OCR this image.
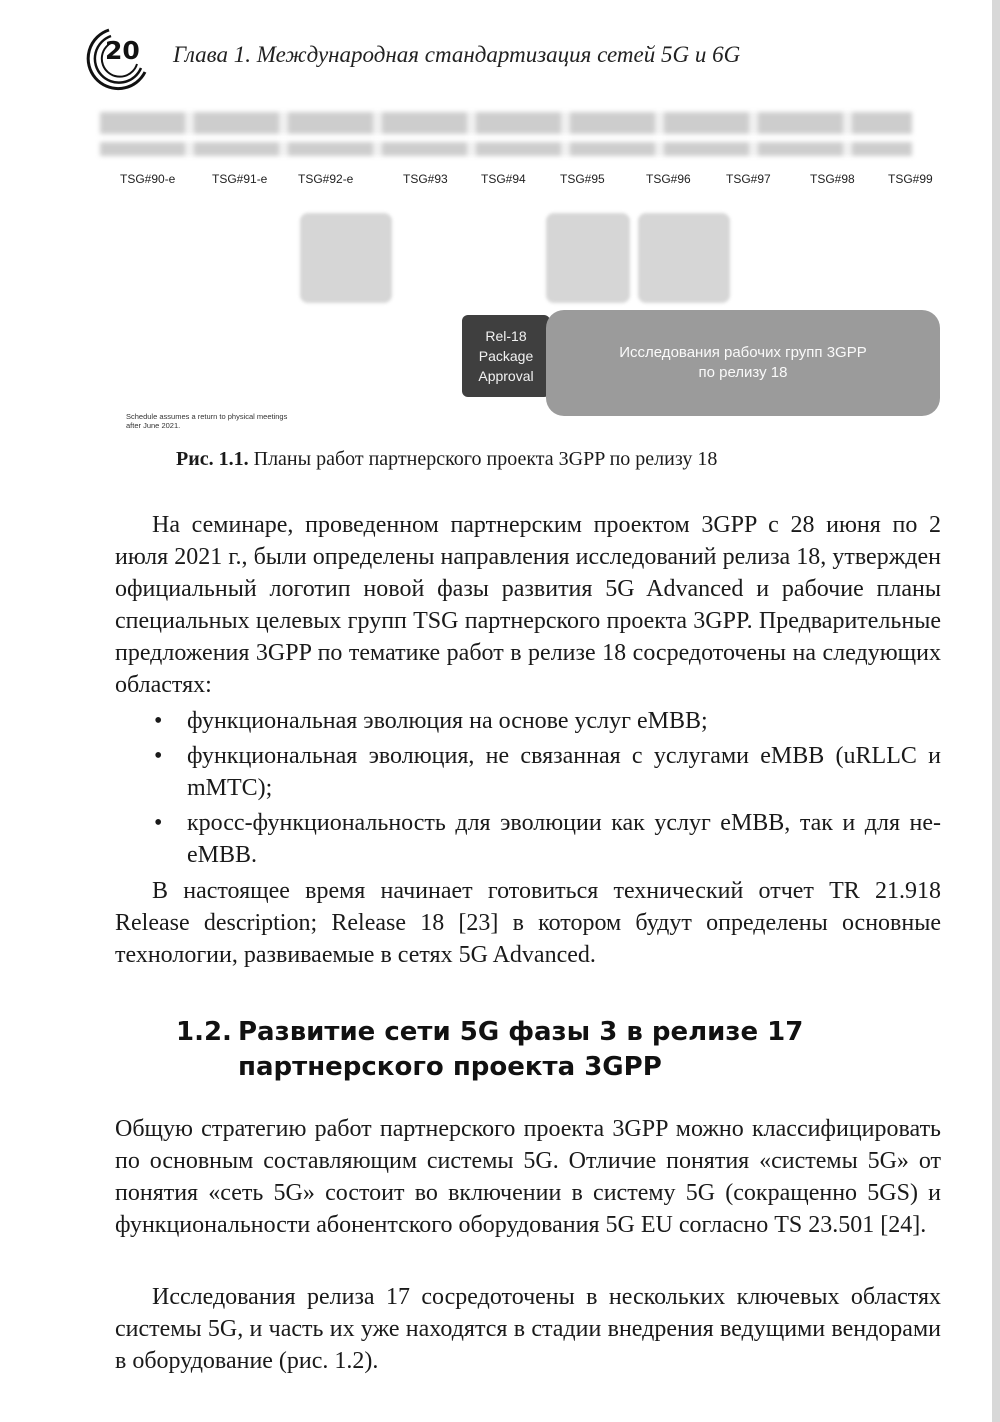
20 Глава 1. Международная стандартизация сетей 5G и 6G
TSG#90-e	TSG#91-e	TSG#92-e	TSG#93	TSG#94	TSG#95	TSG#96	TSG#97	TSG#98	TSG#99
Rel-18
Package
Approval
Исследования рабочих групп 3GPP
по релизу 18
Schedule assumes a return to physical meetings
after June 2021.
Рис. 1.1. Планы работ партнерского проекта 3GPP по релизу 18

На семинаре, проведенном партнерским проектом 3GPP с 28 июня по 2 июля 2021 г., были определены направления исследований релиза 18, утвержден официальный логотип новой фазы развития 5G Advanced и рабочие планы специальных целевых групп TSG партнерского проекта 3GPP. Предварительные предложения 3GPP по тематике работ в релизе 18 сосредоточены на следующих областях:

• функциональная эволюция на основе услуг eMBB;
• функциональная эволюция, не связанная с услугами eMBB (uRLLC и mMTC);
• кросс-функциональность для эволюции как услуг eMBB, так и для не-eMBB.

В настоящее время начинает готовиться технический отчет TR 21.918 Release description; Release 18 [23] в котором будут определены основные технологии, развиваемые в сетях 5G Advanced.

1.2. Развитие сети 5G фазы 3 в релизе 17
партнерского проекта 3GPP

Общую стратегию работ партнерского проекта 3GPP можно классифицировать по основным составляющим системы 5G. Отличие понятия «системы 5G» от понятия «сеть 5G» состоит во включении в систему 5G (сокращенно 5GS) и функциональности абонентского оборудования 5G EU согласно TS 23.501 [24].

Исследования релиза 17 сосредоточены в нескольких ключевых областях системы 5G, и часть их уже находятся в стадии внедрения ведущими вендорами в оборудование (рис. 1.2).
